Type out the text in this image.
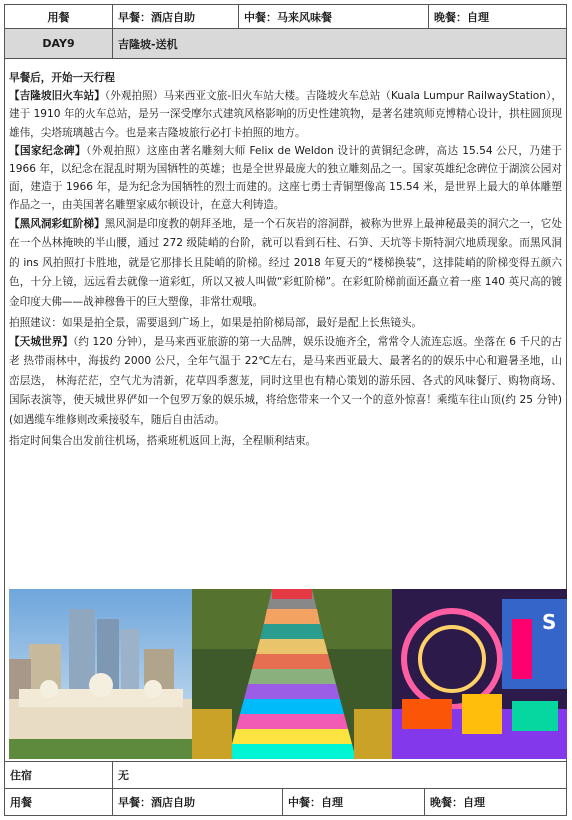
用餐	早餐：酒店自助	中餐：马来风味餐	晚餐：自理
DAY9	吉隆坡-送机

早餐后，开始一天行程

【吉隆坡旧火车站】（外观拍照）马来西亚文旅-旧火车站大楼。吉隆坡火车总站（Kuala Lumpur RailwayStation），建于 1910 年的火车总站，是另一深受摩尔式建筑风格影响的历史性建筑物，是著名建筑师克博精心设计，拱柱圆顶现雄伟，尖塔琉璃越古今。也是来吉隆坡旅行必打卡拍照的地方。

【国家纪念碑】（外观拍照）这座由著名雕刻大师 Felix de Weldon 设计的黄铜纪念碑，高达 15.54 公尺，乃建于 1966 年，以纪念在混乱时期为国牺牲的英雄；也是全世界最庞大的独立雕刻品之一。国家英雄纪念碑位于湖滨公园对面，建造于 1966 年，是为纪念为国牺牲的烈士而建的。这座七勇士青铜塑像高 15.54 米，是世界上最大的单体雕塑作品之一，由美国著名雕塑家威尔顿设计，在意大利铸造。

【黑风洞彩虹阶梯】黑风洞是印度教的朝拜圣地，是一个石灰岩的溶洞群，被称为世界上最神秘最美的洞穴之一，它处在一个丛林掩映的半山腰，通过 272 级陡峭的台阶，就可以看到石柱、石笋、天坑等卡斯特洞穴地质现象。而黑风洞的 ins 风拍照打卡胜地，就是它那排长且陡峭的阶梯。经过 2018 年夏天的“楼梯换装”，这排陡峭的阶梯变得五颜六色，十分上镜，远远看去就像一道彩虹，所以又被人叫做“彩虹阶梯”。在彩虹阶梯前面还矗立着一座 140 英尺高的镀金印度大佛——战神穆鲁干的巨大塑像，非常壮观哦。

拍照建议：如果是拍全景，需要退到广场上，如果是拍阶梯局部，最好是配上长焦镜头。

【天城世界】（约 120 分钟），是马来西亚旅游的第一大品牌，娱乐设施齐全，常常令人流连忘返。坐落在 6 千尺的古老 热带雨林中，海拔约 2000 公尺，全年气温于 22℃左右，是马来西亚最大、最著名的的娱乐中心和避暑圣地，山峦层迭， 林海茫茫，空气尤为清新，花草四季葱茏，同时这里也有精心策划的游乐园、各式的风味餐厅、购物商场、国际表演等，使天城世界俨如一个包罗万象的娱乐城，将给您带来一个又一个的意外惊喜！乘缆车往山顶(约 25 分钟) (如遇缆车维修则改乘接驳车，随后自由活动。

指定时间集合出发前往机场，搭乘班机返回上海，全程顺利结束。

S
住宿	无
用餐	早餐：酒店自助	中餐：自理	晚餐：自理
